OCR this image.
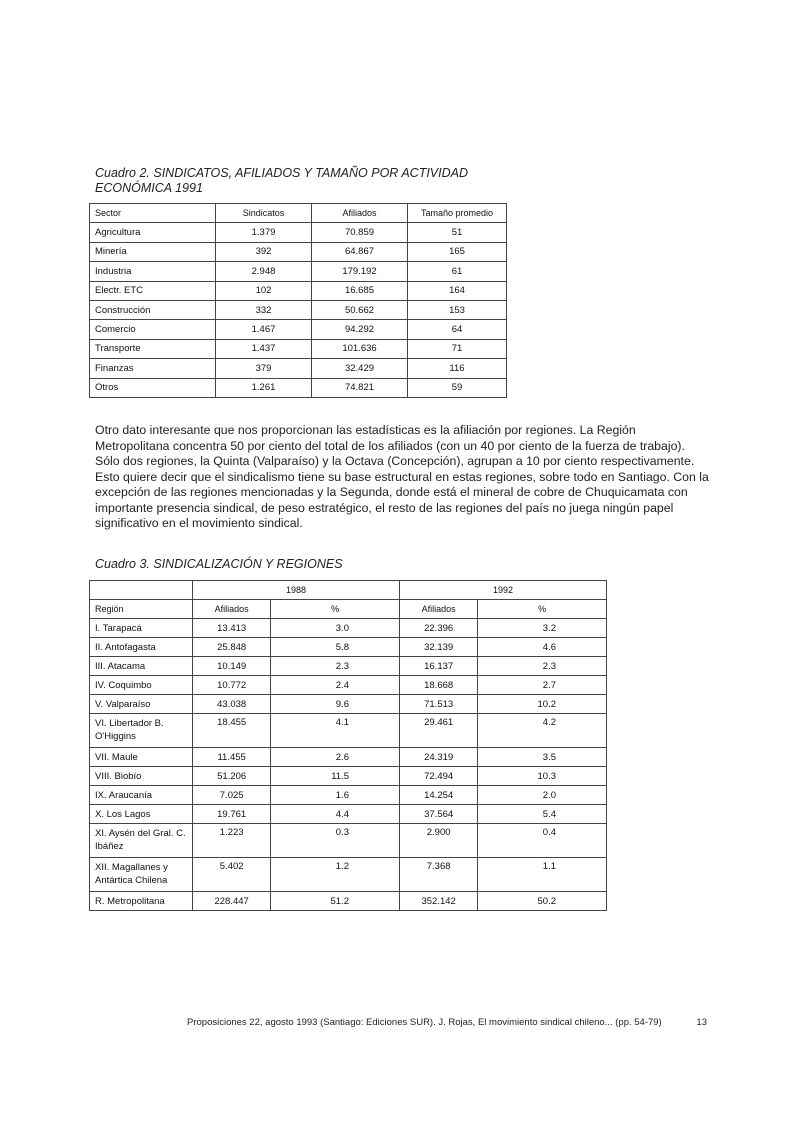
Cuadro 2. SINDICATOS, AFILIADOS Y TAMAÑO POR ACTIVIDAD ECONÓMICA 1991
Sector	Sindicatos	Afiliados	Tamaño promedio
Agricultura	1.379	70.859	51
Minería	392	64.867	165
Industria	2.948	179.192	61
Electr. ETC	102	16.685	164
Construcción	332	50.662	153
Comercio	1.467	94.292	64
Transporte	1.437	101.636	71
Finanzas	379	32.429	116
Otros	1.261	74.821	59
Otro dato interesante que nos proporcionan las estadísticas es la afiliación por regiones. La Región Metropolitana concentra 50 por ciento del total de los afiliados (con un 40 por ciento de la fuerza de trabajo). Sólo dos regiones, la Quinta (Valparaíso) y la Octava (Concepción), agrupan a 10 por ciento respectivamente. Esto quiere decir que el sindicalismo tiene su base estructural en estas regiones, sobre todo en Santiago. Con la excepción de las regiones mencionadas y la Segunda, donde está el mineral de cobre de Chuquicamata con importante presencia sindical, de peso estratégico, el resto de las regiones del país no juega ningún papel significativo en el movimiento sindical.
Cuadro 3. SINDICALIZACIÓN Y REGIONES
	1988		1992	
Región	Afiliados	%	Afiliados	%
I. Tarapacá	13.413	3.0	22.396	3.2
II. Antofagasta	25.848	5.8	32.139	4.6
III. Atacama	10.149	2.3	16.137	2.3
IV. Coquimbo	10.772	2.4	18.668	2.7
V. Valparaíso	43.038	9.6	71.513	10.2
VI. Libertador B. O'Higgins	18.455	4.1	29.461	4.2
VII. Maule	11.455	2.6	24.319	3.5
VIII. Biobío	51.206	11.5	72.494	10.3
IX. Araucanía	7.025	1.6	14.254	2.0
X. Los Lagos	19.761	4.4	37.564	5.4
XI. Aysén del Gral. C. Ibáñez	1.223	0.3	2.900	0.4
XII. Magallanes y Antártica Chilena	5.402	1.2	7.368	1.1
R. Metropolitana	228.447	51.2	352.142	50.2
Proposiciones 22, agosto 1993 (Santiago: Ediciones SUR). J. Rojas, El movimiento sindical chileno... (pp. 54-79)	13
